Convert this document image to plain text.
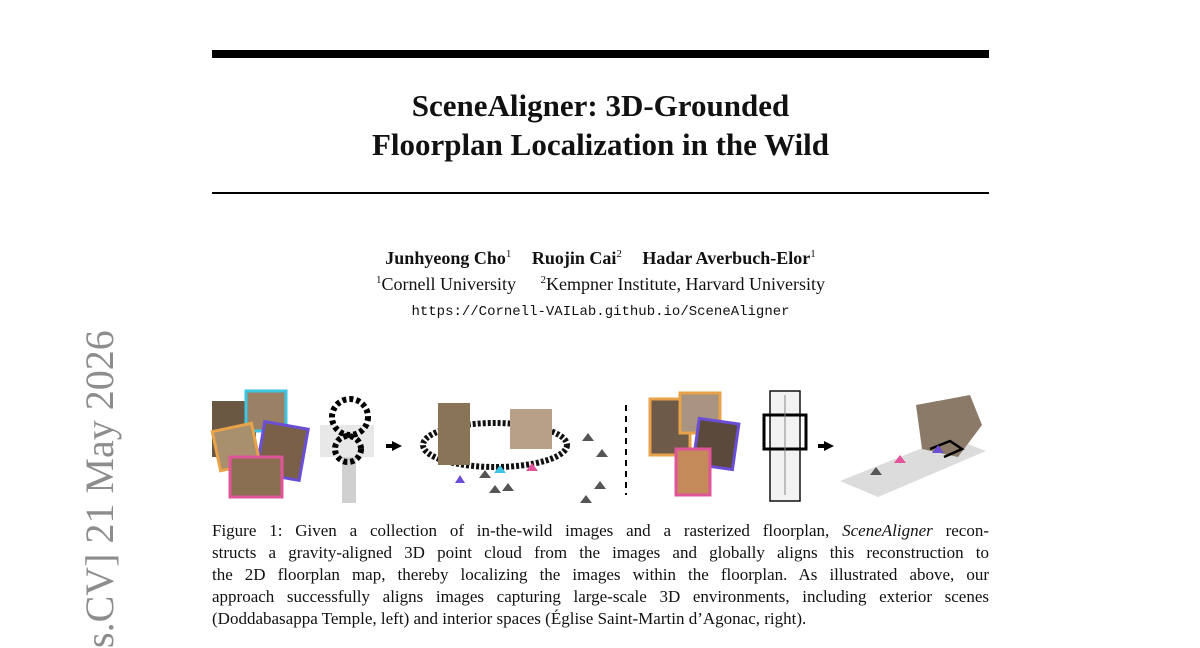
SceneAligner: 3D-Grounded
Floorplan Localization in the Wild
Junhyeong Cho$^1$ Ruojin Cai$^2$ Hadar Averbuch-Elor$^1$
$^1$Cornell University $^2$Kempner Institute, Harvard University
https://Cornell-VAILab.github.io/SceneAligner
s.CV] 21 May 2026	Figure 1: Given a collection of in-the-wild images and a rasterized floorplan, SceneAligner recon-
structs a gravity-aligned 3D point cloud from the images and globally aligns this reconstruction to
the 2D floorplan map, thereby localizing the images within the floorplan. As illustrated above, our
approach successfully aligns images capturing large-scale 3D environments, including exterior scenes
(Doddabasappa Temple, left) and interior spaces (Église Saint-Martin d’Agonac, right).
